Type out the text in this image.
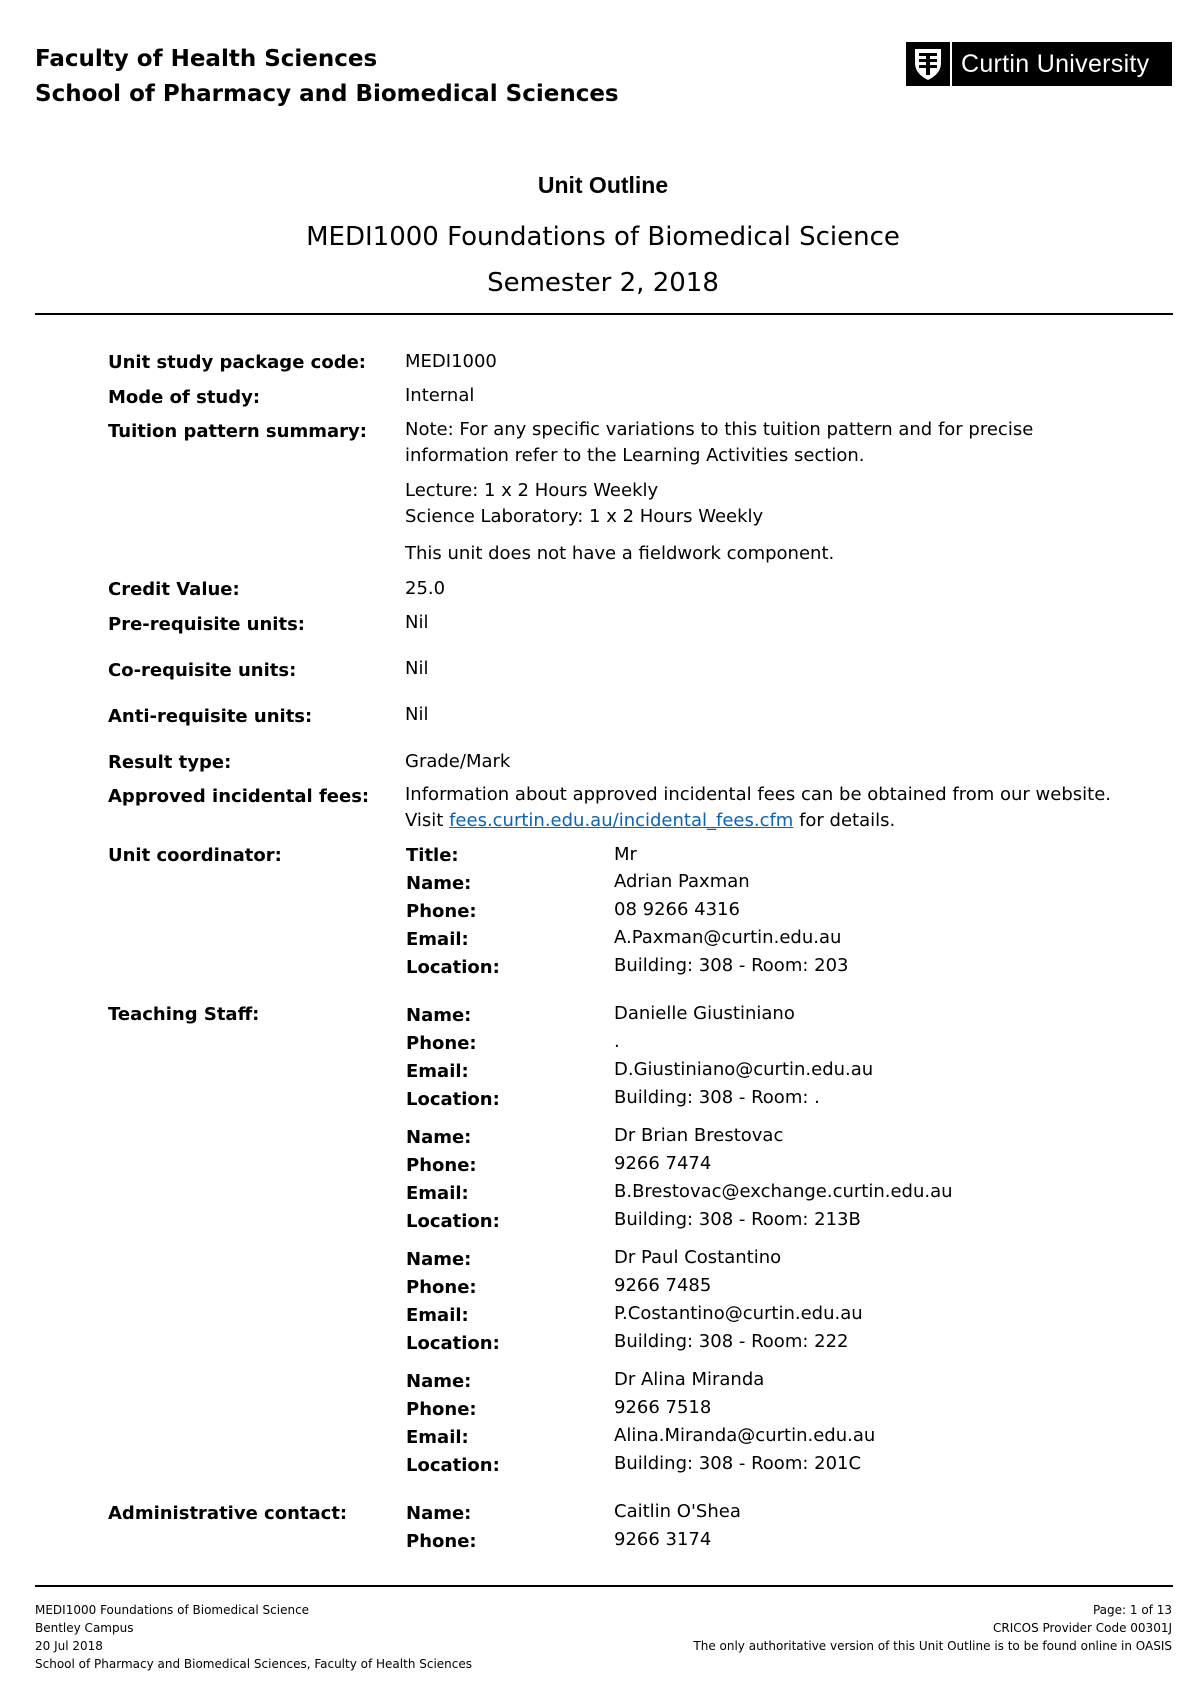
Faculty of Health Sciences
School of Pharmacy and Biomedical Sciences
Curtin University
Unit Outline
MEDI1000 Foundations of Biomedical Science
Semester 2, 2018
Unit study package code: MEDI1000
Mode of study:	Internal
Tuition pattern summary: Note: For any specific variations to this tuition pattern and for precise
information refer to the Learning Activities section.
Lecture: 1 x 2 Hours Weekly
Science Laboratory: 1 x 2 Hours Weekly
This unit does not have a fieldwork component.
Credit Value:	25.0
Pre-requisite units:	Nil
Co-requisite units:	Nil
Anti-requisite units:	Nil
Result type:	Grade/Mark
Approved incidental fees: Information about approved incidental fees can be obtained from our website.
Visit fees.curtin.edu.au/incidental_fees.cfm for details.
Unit coordinator:	Title:	Mr
Name:	Adrian Paxman
Phone:	08 9266 4316
Email:	A.Paxman@curtin.edu.au
Location:	Building: 308 - Room: 203
Teaching Staff:	Name:	Danielle Giustiniano
Phone:	.
Email:	D.Giustiniano@curtin.edu.au
Location:	Building: 308 - Room: .
Name:	Dr Brian Brestovac
Phone:	9266 7474
Email:	B.Brestovac@exchange.curtin.edu.au
Location:	Building: 308 - Room: 213B
Name:	Dr Paul Costantino
Phone:	9266 7485
Email:	P.Costantino@curtin.edu.au
Location:	Building: 308 - Room: 222
Name:	Dr Alina Miranda
Phone:	9266 7518
Email:	Alina.Miranda@curtin.edu.au
Location:	Building: 308 - Room: 201C
Administrative contact:	Name:	Caitlin O'Shea
Phone:	9266 3174
MEDI1000 Foundations of Biomedical Science
Bentley Campus
20 Jul 2018
School of Pharmacy and Biomedical Sciences, Faculty of Health Sciences
Page: 1 of 13
CRICOS Provider Code 00301J
The only authoritative version of this Unit Outline is to be found online in OASIS
